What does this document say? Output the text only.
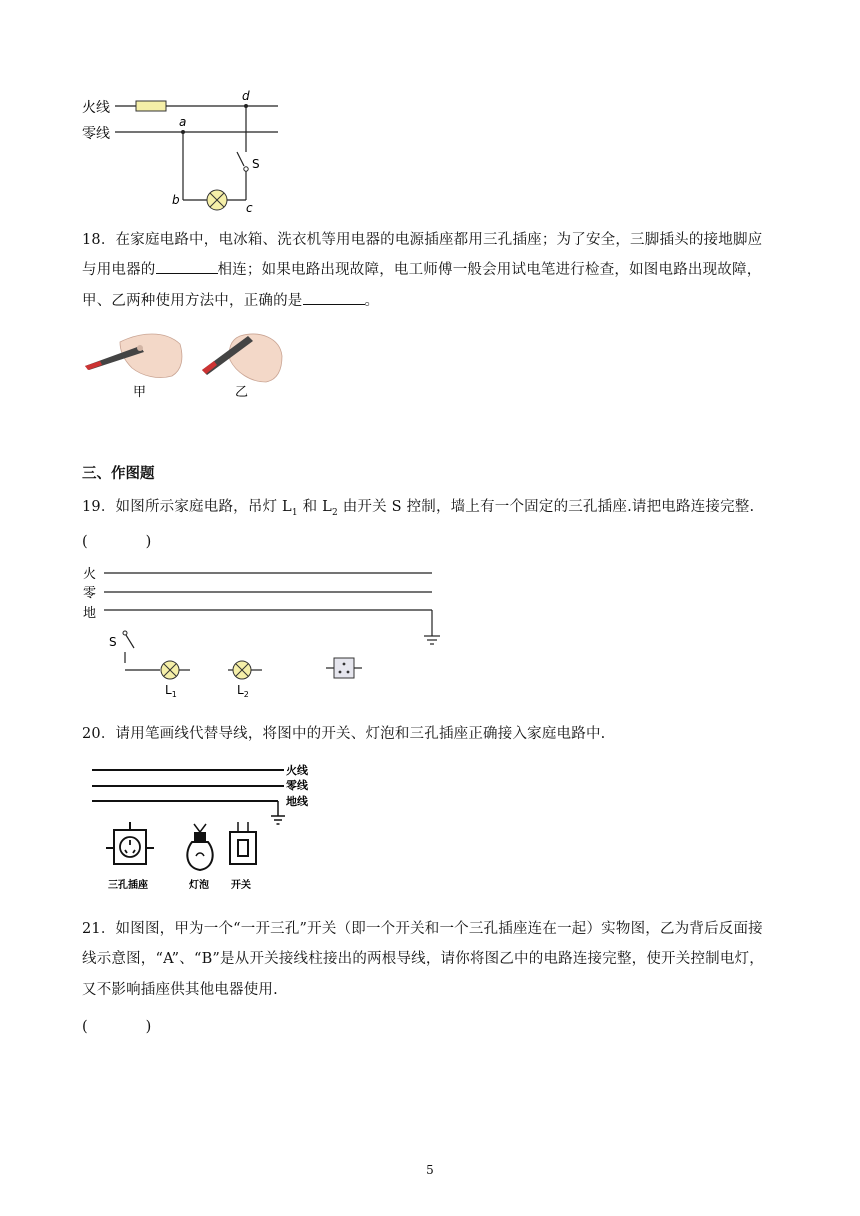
火线
零线
a
d
b
c
S
18．在家庭电路中，电冰箱、洗衣机等用电器的电源插座都用三孔插座；为了安全，三脚插头的接地脚应
与用电器的	相连；如果电路出现故障，电工师傅一般会用试电笔进行检查，如图电路出现故障，
甲、乙两种使用方法中，正确的是	。
甲	乙
三、作图题
19．如图所示家庭电路，吊灯 $L_1$ 和 $L_2$ 由开关 S 控制，墙上有一个固定的三孔插座.请把电路连接完整.
(　　　　)
火
零
地
S
$L_1$	$L_2$
20．请用笔画线代替导线，将图中的开关、灯泡和三孔插座正确接入家庭电路中.
火线
零线
地线
三孔插座	灯泡 开关
21．如图图，甲为一个“一开三孔”开关（即一个开关和一个三孔插座连在一起）实物图，乙为背后反面接
线示意图，“A”、“B”是从开关接线柱接出的两根导线，请你将图乙中的电路连接完整，使开关控制电灯，
又不影响插座供其他电器使用.
(　　　　)
5
